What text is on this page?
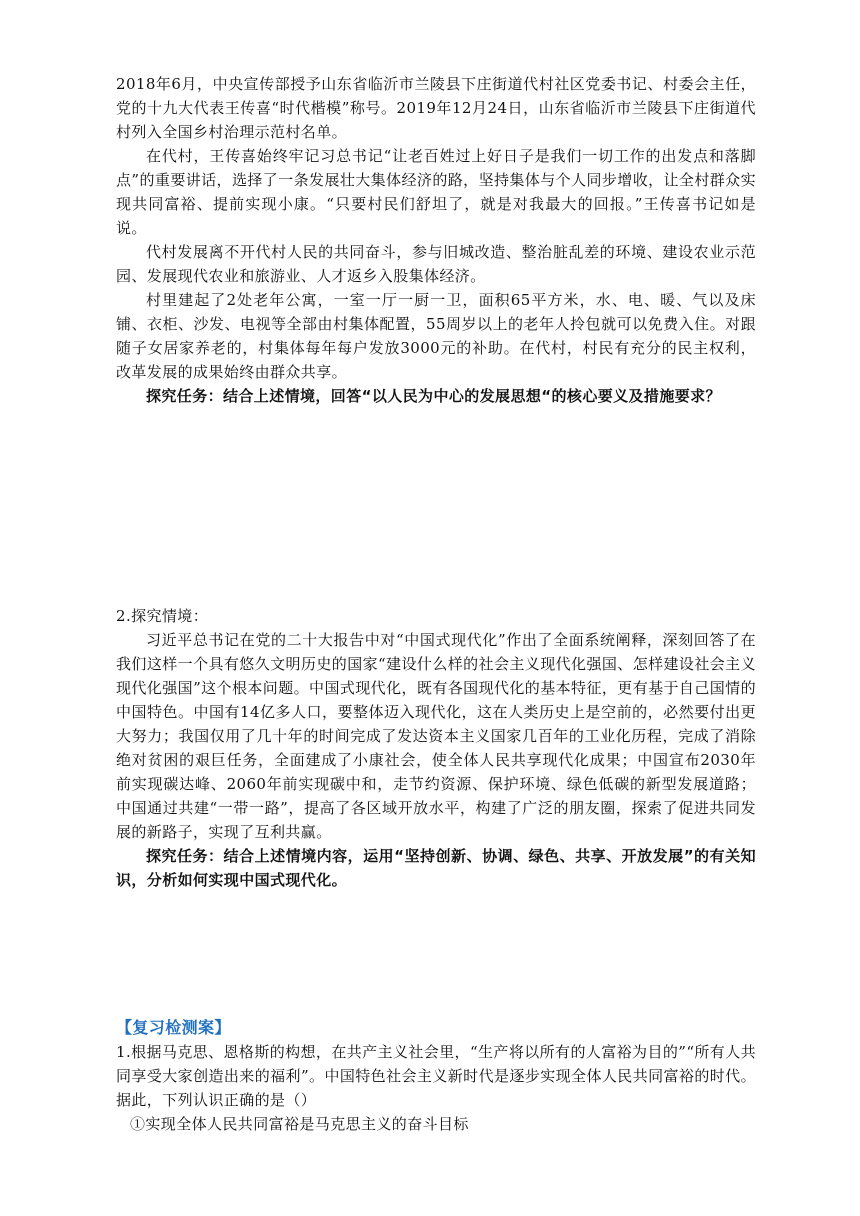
2018年6月，中央宣传部授予山东省临沂市兰陵县下庄街道代村社区党委书记、村委会主任，党的十九大代表王传喜“时代楷模”称号。2019年12月24日，山东省临沂市兰陵县下庄街道代村列入全国乡村治理示范村名单。

在代村，王传喜始终牢记习总书记“让老百姓过上好日子是我们一切工作的出发点和落脚点”的重要讲话，选择了一条发展壮大集体经济的路，坚持集体与个人同步增收，让全村群众实现共同富裕、提前实现小康。“只要村民们舒坦了，就是对我最大的回报。”王传喜书记如是说。

代村发展离不开代村人民的共同奋斗，参与旧城改造、整治脏乱差的环境、建设农业示范园、发展现代农业和旅游业、人才返乡入股集体经济。

村里建起了2处老年公寓，一室一厅一厨一卫，面积65平方米，水、电、暖、气以及床铺、衣柜、沙发、电视等全部由村集体配置，55周岁以上的老年人拎包就可以免费入住。对跟随子女居家养老的，村集体每年每户发放3000元的补助。在代村，村民有充分的民主权利，改革发展的成果始终由群众共享。

探究任务：结合上述情境，回答“以人民为中心的发展思想“的核心要义及措施要求？

2.探究情境：

习近平总书记在党的二十大报告中对“中国式现代化”作出了全面系统阐释，深刻回答了在我们这样一个具有悠久文明历史的国家“建设什么样的社会主义现代化强国、怎样建设社会主义现代化强国”这个根本问题。中国式现代化，既有各国现代化的基本特征，更有基于自己国情的中国特色。中国有14亿多人口，要整体迈入现代化，这在人类历史上是空前的，必然要付出更大努力；我国仅用了几十年的时间完成了发达资本主义国家几百年的工业化历程，完成了消除绝对贫困的艰巨任务，全面建成了小康社会，使全体人民共享现代化成果；中国宣布2030年前实现碳达峰、2060年前实现碳中和，走节约资源、保护环境、绿色低碳的新型发展道路；中国通过共建“一带一路”，提高了各区域开放水平，构建了广泛的朋友圈，探索了促进共同发展的新路子，实现了互利共赢。

探究任务：结合上述情境内容，运用“坚持创新、协调、绿色、共享、开放发展”的有关知识，分析如何实现中国式现代化。

【复习检测案】

1.根据马克思、恩格斯的构想，在共产主义社会里，“生产将以所有的人富裕为目的”“所有人共同享受大家创造出来的福利”。中国特色社会主义新时代是逐步实现全体人民共同富裕的时代。据此，下列认识正确的是（）

①实现全体人民共同富裕是马克思主义的奋斗目标
